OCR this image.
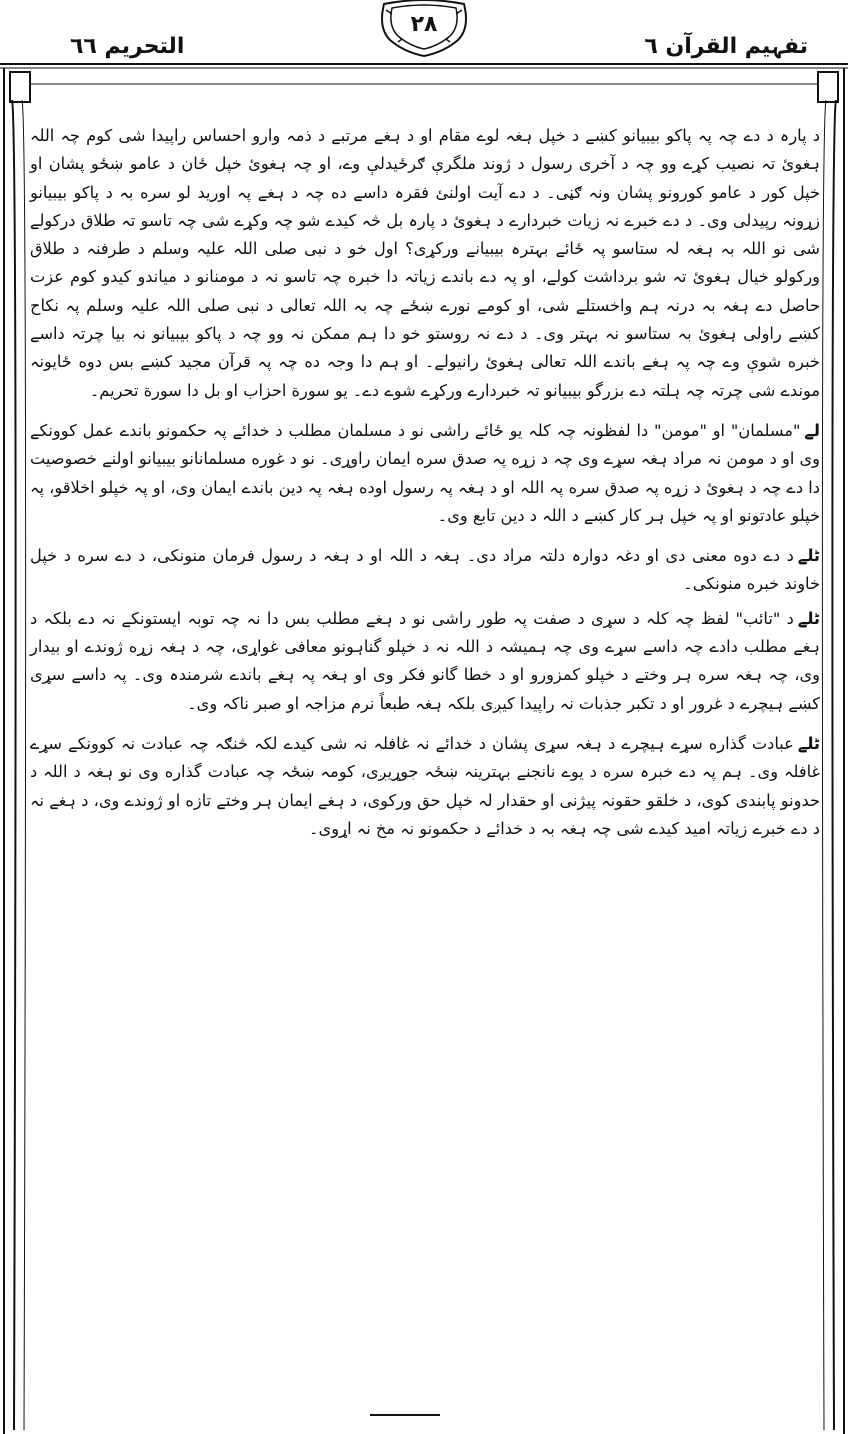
تفہیم القرآن ٦
٢٨
التحریم ٦٦

د پارہ د دے چہ پہ پاکو بیبیانو کښے د خپل ہغہ لوے مقام او د ہغے مرتبے د ذمہ وارو احساس راپیدا شی کوم چہ اللہ ہغوئ تہ نصیب کړے وو چہ د آخری رسول د ژوند ملگرې ګرځیدلې وے، او چہ ہغوئ خپل ځان د عامو ښځو پشان او خپل کور د عامو کورونو پشان ونہ ګڼی۔ د دے آیت اولنئ فقرہ داسے ده چہ د ہغے پہ اورید لو سره بہ د پاکو بیبیانو زړونہ رپیدلی وی۔ د دے خبرے نہ زیات خبردارے د ہغوئ د پارہ بل څہ کیدے شو چہ وکړے شی چہ تاسو تہ طلاق درکولے شی نو اللہ بہ ہغہ لہ ستاسو پہ ځائے بہترہ بیبیانے ورکړی؟ اول خو د نبی صلی اللہ علیہ وسلم د طرفنہ د طلاق ورکولو خیال ہغوئ تہ شو برداشت کولے، او پہ دے باندے زیاتہ دا خبره چہ تاسو نہ د مومنانو د میاندو کیدو کوم عزت حاصل دے ہغہ بہ درنہ ہم واخستلے شی، او کومے نورے ښځے چہ بہ اللہ تعالی د نبی صلی اللہ علیہ وسلم پہ نکاح کښے راولی ہغوئ بہ ستاسو نہ بہتر وی۔ د دے نہ روستو خو دا ہم ممکن نہ وو چہ د پاکو بیبیانو نہ بیا چرتہ داسے خبره شوې وے چہ پہ ہغے باندے اللہ تعالی ہغوئ رانیولے۔ او ہم دا وجہ ده چہ پہ قرآن مجید کښے بس دوه ځایونہ موندے شی چرتہ چہ ہلتہ دے بزرگو بیبیانو تہ خبردارے ورکړے شوے دے۔ یو سورة احزاب او بل دا سورة تحریم۔

لے"مسلمان" او "مومن" دا لفظونہ چہ کلہ یو ځائے راشی نو د مسلمان مطلب د خدائے پہ حکمونو باندے عمل کوونکے وی او د مومن نہ مراد ہغہ سړے وی چہ د زړه پہ صدق سره ایمان راوړی۔ نو د غوره مسلمانانو بیبیانو اولنے خصوصیت دا دے چہ د ہغوئ د زړه پہ صدق سره پہ اللہ او د ہغہ پہ رسول اوده ہغہ پہ دین باندے ایمان وی، او پہ خپلو اخلاقو، پہ خپلو عادتونو او پہ خپل ہر کار کښے د اللہ د دین تابع وی۔

ٹلےد دے دوه معنی دی او دغہ دوارہ دلتہ مراد دی۔ ہغہ د اللہ او د ہغہ د رسول فرمان منونکی، د دے سره د خپل خاوند خبره منونکی۔

ٹلےد "تائب" لفظ چہ کلہ د سړی د صفت پہ طور راشی نو د ہغے مطلب بس دا نہ چہ توبہ ایستونکے نہ دے بلکہ د ہغے مطلب دادے چہ داسے سړے وی چہ ہمیشہ د اللہ نہ د خپلو گناہونو معافی غواړی، چہ د ہغہ زړه ژوندے او بیدار وی، چہ ہغہ سره ہر وختے د خپلو کمزورو او د خطا گانو فکر وی او ہغہ پہ ہغے باندے شرمندہ وی۔ پہ داسے سړی کښے ہیچرے د غرور او د تکبر جذبات نہ راپیدا کیږی بلکہ ہغہ طبعاً نرم مزاجہ او صبر ناکہ وی۔

ٹلےعبادت گذاره سړے ہیچرے د ہغہ سړی پشان د خدائے نہ غافلہ نہ شی کیدے لکہ څنګہ چہ عبادت نہ کوونکے سړے غافلہ وی۔ ہم پہ دے خبرہ سره د یوے نانجنے بہترینہ ښځہ جوړیږی، کومہ ښځہ چہ عبادت گذاره وی نو ہغہ د اللہ د حدونو پابندی کوی، د خلقو حقونہ پیژنی او حقدار لہ خپل حق ورکوی، د ہغے ایمان ہر وختے تازه او ژوندے وی، د ہغے نہ د دے خبرے زیاتہ امید کیدے شی چہ ہغہ بہ د خدائے د حکمونو نہ مخ نہ اړوی۔
